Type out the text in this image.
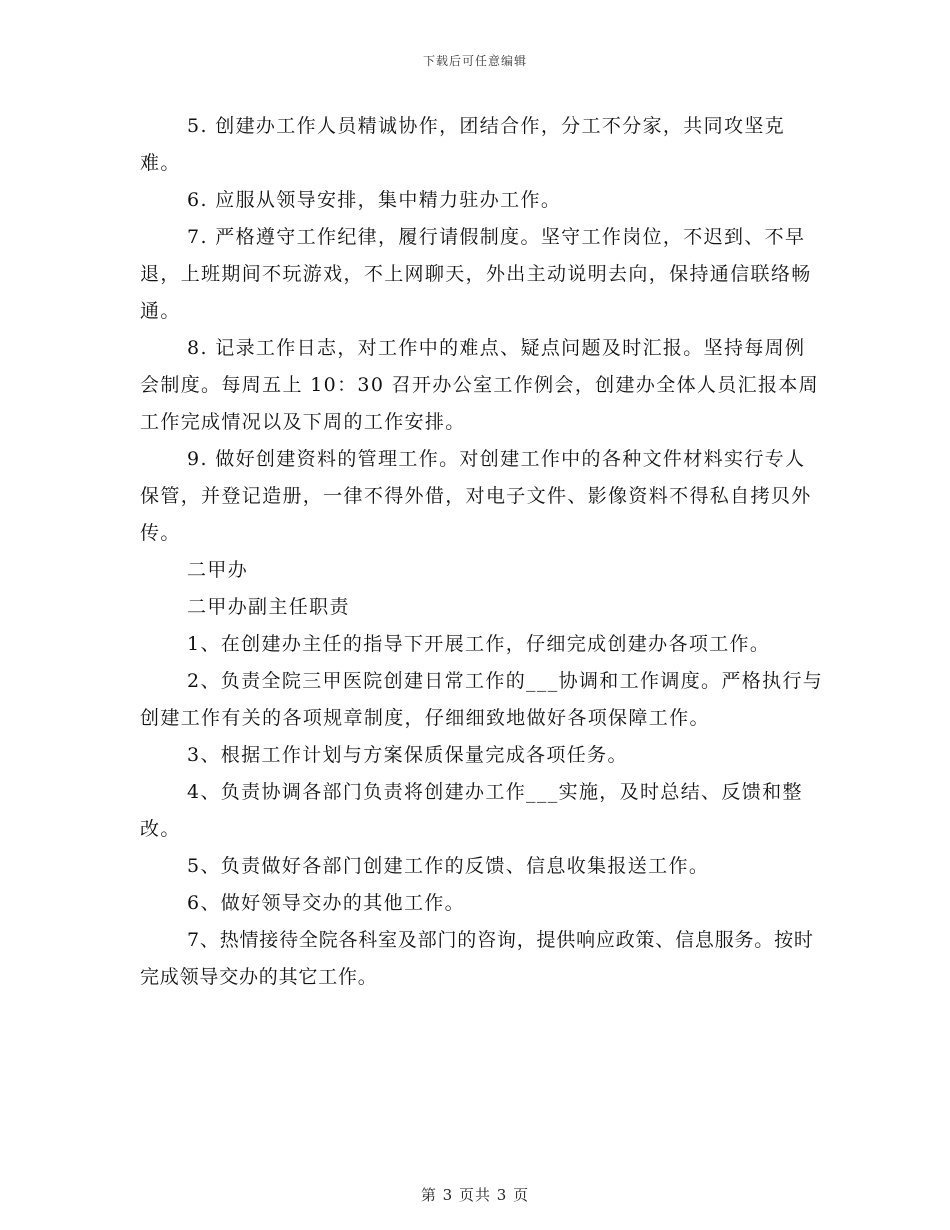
下载后可任意编辑

5. 创建办工作人员精诚协作，团结合作，分工不分家，共同攻坚克难。

6. 应服从领导安排，集中精力驻办工作。

7. 严格遵守工作纪律，履行请假制度。坚守工作岗位，不迟到、不早退，上班期间不玩游戏，不上网聊天，外出主动说明去向，保持通信联络畅通。

8. 记录工作日志，对工作中的难点、疑点问题及时汇报。坚持每周例会制度。每周五上 10：30 召开办公室工作例会，创建办全体人员汇报本周工作完成情况以及下周的工作安排。

9. 做好创建资料的管理工作。对创建工作中的各种文件材料实行专人保管，并登记造册，一律不得外借，对电子文件、影像资料不得私自拷贝外传。

二甲办

二甲办副主任职责

1、在创建办主任的指导下开展工作，仔细完成创建办各项工作。

2、负责全院三甲医院创建日常工作的___协调和工作调度。严格执行与创建工作有关的各项规章制度，仔细细致地做好各项保障工作。

3、根据工作计划与方案保质保量完成各项任务。

4、负责协调各部门负责将创建办工作___实施，及时总结、反馈和整改。

5、负责做好各部门创建工作的反馈、信息收集报送工作。

6、做好领导交办的其他工作。

7、热情接待全院各科室及部门的咨询，提供响应政策、信息服务。按时完成领导交办的其它工作。

第 3 页共 3 页
